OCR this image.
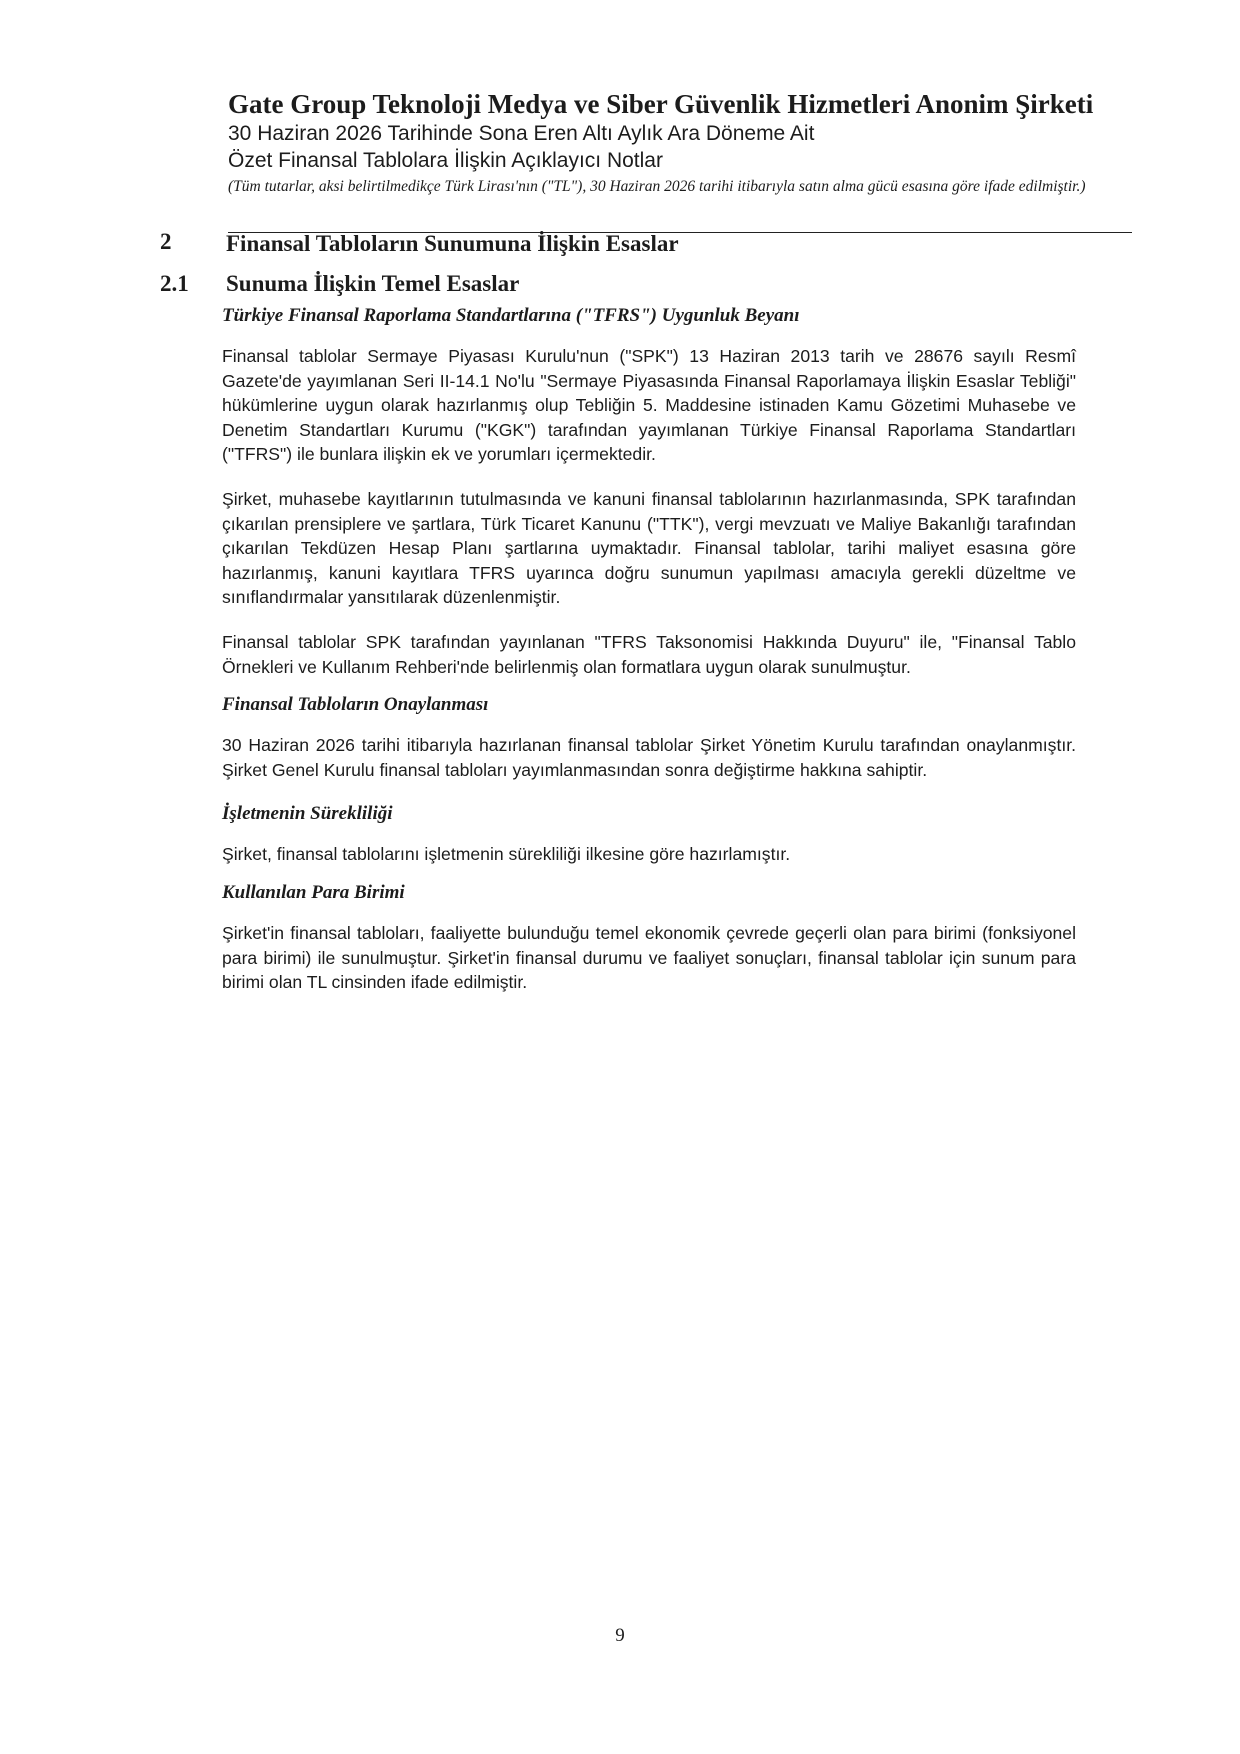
Gate Group Teknoloji Medya ve Siber Güvenlik Hizmetleri Anonim Şirketi
30 Haziran 2026 Tarihinde Sona Eren Altı Aylık Ara Döneme Ait
Özet Finansal Tablolara İlişkin Açıklayıcı Notlar
(Tüm tutarlar, aksi belirtilmedikçe Türk Lirası'nın ("TL"), 30 Haziran 2026 tarihi itibarıyla satın alma gücü esasına göre ifade edilmiştir.)
2 Finansal Tabloların Sunumuna İlişkin Esaslar
2.1 Sunuma İlişkin Temel Esaslar
Türkiye Finansal Raporlama Standartlarına ("TFRS") Uygunluk Beyanı

Finansal tablolar Sermaye Piyasası Kurulu'nun ("SPK") 13 Haziran 2013 tarih ve 28676 sayılı Resmî Gazete'de yayımlanan Seri II-14.1 No'lu "Sermaye Piyasasında Finansal Raporlamaya İlişkin Esaslar Tebliği" hükümlerine uygun olarak hazırlanmış olup Tebliğin 5. Maddesine istinaden Kamu Gözetimi Muhasebe ve Denetim Standartları Kurumu ("KGK") tarafından yayımlanan Türkiye Finansal Raporlama Standartları ("TFRS") ile bunlara ilişkin ek ve yorumları içermektedir.

Şirket, muhasebe kayıtlarının tutulmasında ve kanuni finansal tablolarının hazırlanmasında, SPK tarafından çıkarılan prensiplere ve şartlara, Türk Ticaret Kanunu ("TTK"), vergi mevzuatı ve Maliye Bakanlığı tarafından çıkarılan Tekdüzen Hesap Planı şartlarına uymaktadır. Finansal tablolar, tarihi maliyet esasına göre hazırlanmış, kanuni kayıtlara TFRS uyarınca doğru sunumun yapılması amacıyla gerekli düzeltme ve sınıflandırmalar yansıtılarak düzenlenmiştir.

Finansal tablolar SPK tarafından yayınlanan "TFRS Taksonomisi Hakkında Duyuru" ile, "Finansal Tablo Örnekleri ve Kullanım Rehberi'nde belirlenmiş olan formatlara uygun olarak sunulmuştur.

Finansal Tabloların Onaylanması

30 Haziran 2026 tarihi itibarıyla hazırlanan finansal tablolar Şirket Yönetim Kurulu tarafından onaylanmıştır. Şirket Genel Kurulu finansal tabloları yayımlanmasından sonra değiştirme hakkına sahiptir.

İşletmenin Sürekliliği

Şirket, finansal tablolarını işletmenin sürekliliği ilkesine göre hazırlamıştır.

Kullanılan Para Birimi

Şirket'in finansal tabloları, faaliyette bulunduğu temel ekonomik çevrede geçerli olan para birimi (fonksiyonel para birimi) ile sunulmuştur. Şirket'in finansal durumu ve faaliyet sonuçları, finansal tablolar için sunum para birimi olan TL cinsinden ifade edilmiştir.

9
